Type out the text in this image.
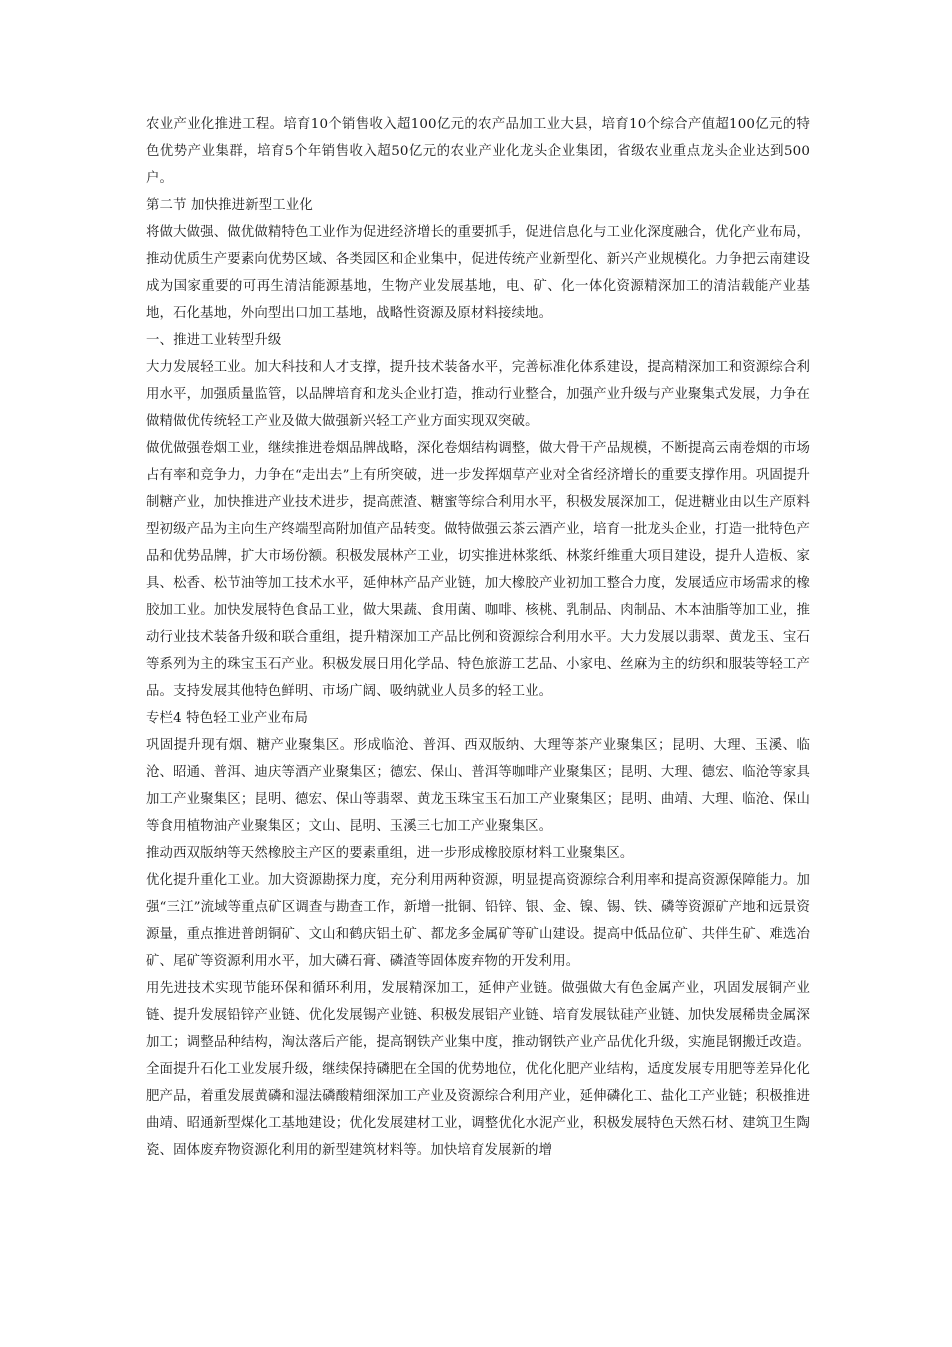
农业产业化推进工程。培育10个销售收入超100亿元的农产品加工业大县，培育10个综合产值超100亿元的特色优势产业集群，培育5个年销售收入超50亿元的农业产业化龙头企业集团，省级农业重点龙头企业达到500户。

第二节 加快推进新型工业化

将做大做强、做优做精特色工业作为促进经济增长的重要抓手，促进信息化与工业化深度融合，优化产业布局，推动优质生产要素向优势区域、各类园区和企业集中，促进传统产业新型化、新兴产业规模化。力争把云南建设成为国家重要的可再生清洁能源基地，生物产业发展基地，电、矿、化一体化资源精深加工的清洁载能产业基地，石化基地，外向型出口加工基地，战略性资源及原材料接续地。

一、推进工业转型升级

大力发展轻工业。加大科技和人才支撑，提升技术装备水平，完善标准化体系建设，提高精深加工和资源综合利用水平，加强质量监管，以品牌培育和龙头企业打造，推动行业整合，加强产业升级与产业聚集式发展，力争在做精做优传统轻工产业及做大做强新兴轻工产业方面实现双突破。

做优做强卷烟工业，继续推进卷烟品牌战略，深化卷烟结构调整，做大骨干产品规模，不断提高云南卷烟的市场占有率和竞争力，力争在“走出去”上有所突破，进一步发挥烟草产业对全省经济增长的重要支撑作用。巩固提升制糖产业，加快推进产业技术进步，提高蔗渣、糖蜜等综合利用水平，积极发展深加工，促进糖业由以生产原料型初级产品为主向生产终端型高附加值产品转变。做特做强云茶云酒产业，培育一批龙头企业，打造一批特色产品和优势品牌，扩大市场份额。积极发展林产工业，切实推进林浆纸、林浆纤维重大项目建设，提升人造板、家具、松香、松节油等加工技术水平，延伸林产品产业链，加大橡胶产业初加工整合力度，发展适应市场需求的橡胶加工业。加快发展特色食品工业，做大果蔬、食用菌、咖啡、核桃、乳制品、肉制品、木本油脂等加工业，推动行业技术装备升级和联合重组，提升精深加工产品比例和资源综合利用水平。大力发展以翡翠、黄龙玉、宝石等系列为主的珠宝玉石产业。积极发展日用化学品、特色旅游工艺品、小家电、丝麻为主的纺织和服装等轻工产品。支持发展其他特色鲜明、市场广阔、吸纳就业人员多的轻工业。

专栏4 特色轻工业产业布局

巩固提升现有烟、糖产业聚集区。形成临沧、普洱、西双版纳、大理等茶产业聚集区；昆明、大理、玉溪、临沧、昭通、普洱、迪庆等酒产业聚集区；德宏、保山、普洱等咖啡产业聚集区；昆明、大理、德宏、临沧等家具加工产业聚集区；昆明、德宏、保山等翡翠、黄龙玉珠宝玉石加工产业聚集区；昆明、曲靖、大理、临沧、保山等食用植物油产业聚集区；文山、昆明、玉溪三七加工产业聚集区。

推动西双版纳等天然橡胶主产区的要素重组，进一步形成橡胶原材料工业聚集区。

优化提升重化工业。加大资源勘探力度，充分利用两种资源，明显提高资源综合利用率和提高资源保障能力。加强“三江”流域等重点矿区调查与勘查工作，新增一批铜、铅锌、银、金、镍、锡、铁、磷等资源矿产地和远景资源量，重点推进普朗铜矿、文山和鹤庆铝土矿、都龙多金属矿等矿山建设。提高中低品位矿、共伴生矿、难选冶矿、尾矿等资源利用水平，加大磷石膏、磷渣等固体废弃物的开发利用。

用先进技术实现节能环保和循环利用，发展精深加工，延伸产业链。做强做大有色金属产业，巩固发展铜产业链、提升发展铅锌产业链、优化发展锡产业链、积极发展铝产业链、培育发展钛硅产业链、加快发展稀贵金属深加工；调整品种结构，淘汰落后产能，提高钢铁产业集中度，推动钢铁产业产品优化升级，实施昆钢搬迁改造。全面提升石化工业发展升级，继续保持磷肥在全国的优势地位，优化化肥产业结构，适度发展专用肥等差异化化肥产品，着重发展黄磷和湿法磷酸精细深加工产业及资源综合利用产业，延伸磷化工、盐化工产业链；积极推进曲靖、昭通新型煤化工基地建设；优化发展建材工业，调整优化水泥产业，积极发展特色天然石材、建筑卫生陶瓷、固体废弃物资源化利用的新型建筑材料等。加快培育发展新的增
